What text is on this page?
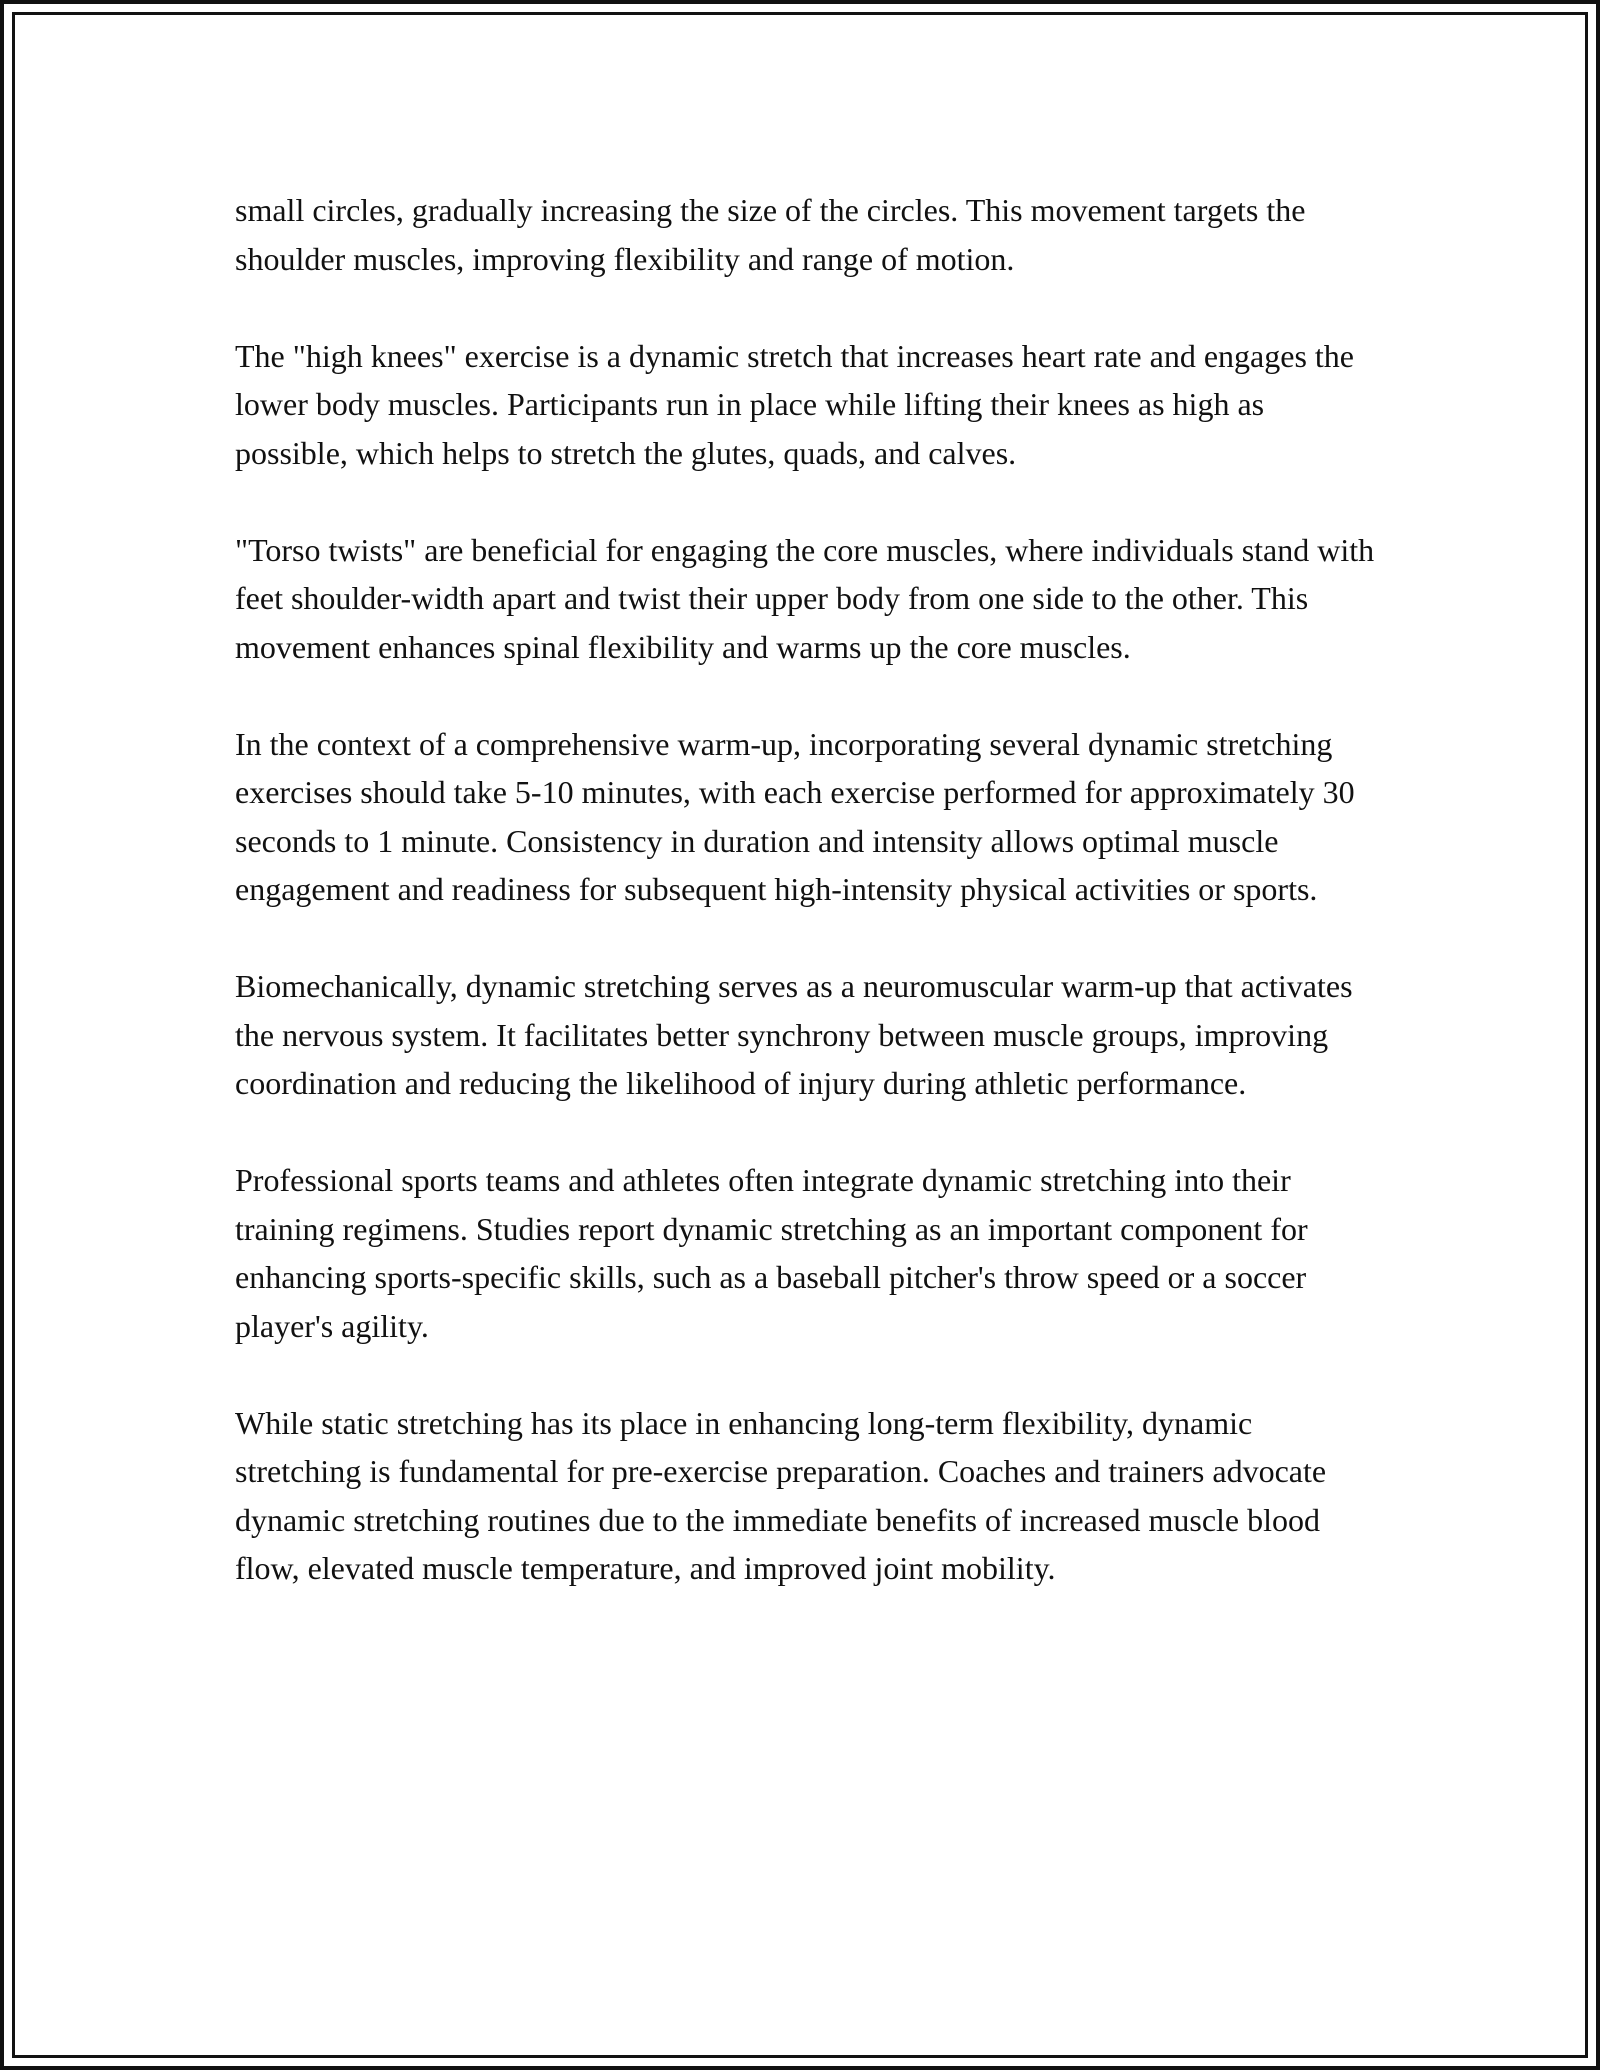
small circles, gradually increasing the size of the circles. This movement targets the shoulder muscles, improving flexibility and range of motion.

The "high knees" exercise is a dynamic stretch that increases heart rate and engages the lower body muscles. Participants run in place while lifting their knees as high as possible, which helps to stretch the glutes, quads, and calves.

"Torso twists" are beneficial for engaging the core muscles, where individuals stand with feet shoulder-width apart and twist their upper body from one side to the other. This movement enhances spinal flexibility and warms up the core muscles.

In the context of a comprehensive warm-up, incorporating several dynamic stretching exercises should take 5-10 minutes, with each exercise performed for approximately 30 seconds to 1 minute. Consistency in duration and intensity allows optimal muscle engagement and readiness for subsequent high-intensity physical activities or sports.

Biomechanically, dynamic stretching serves as a neuromuscular warm-up that activates the nervous system. It facilitates better synchrony between muscle groups, improving coordination and reducing the likelihood of injury during athletic performance.

Professional sports teams and athletes often integrate dynamic stretching into their training regimens. Studies report dynamic stretching as an important component for enhancing sports-specific skills, such as a baseball pitcher's throw speed or a soccer player's agility.

While static stretching has its place in enhancing long-term flexibility, dynamic stretching is fundamental for pre-exercise preparation. Coaches and trainers advocate dynamic stretching routines due to the immediate benefits of increased muscle blood flow, elevated muscle temperature, and improved joint mobility.
